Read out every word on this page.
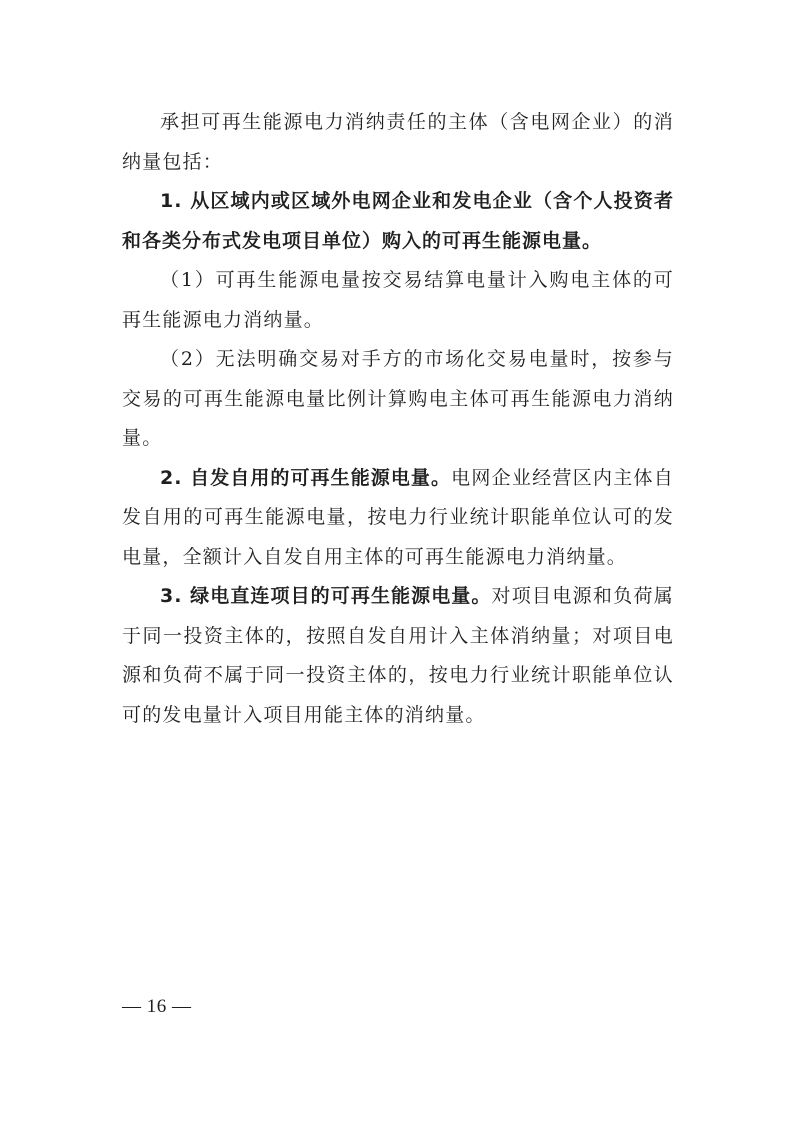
承担可再生能源电力消纳责任的主体（含电网企业）的消纳量包括：

1. 从区域内或区域外电网企业和发电企业（含个人投资者和各类分布式发电项目单位）购入的可再生能源电量。

（1）可再生能源电量按交易结算电量计入购电主体的可再生能源电力消纳量。

（2）无法明确交易对手方的市场化交易电量时，按参与交易的可再生能源电量比例计算购电主体可再生能源电力消纳量。

2. 自发自用的可再生能源电量。电网企业经营区内主体自发自用的可再生能源电量，按电力行业统计职能单位认可的发电量，全额计入自发自用主体的可再生能源电力消纳量。

3. 绿电直连项目的可再生能源电量。对项目电源和负荷属于同一投资主体的，按照自发自用计入主体消纳量；对项目电源和负荷不属于同一投资主体的，按电力行业统计职能单位认可的发电量计入项目用能主体的消纳量。

— 16 —
